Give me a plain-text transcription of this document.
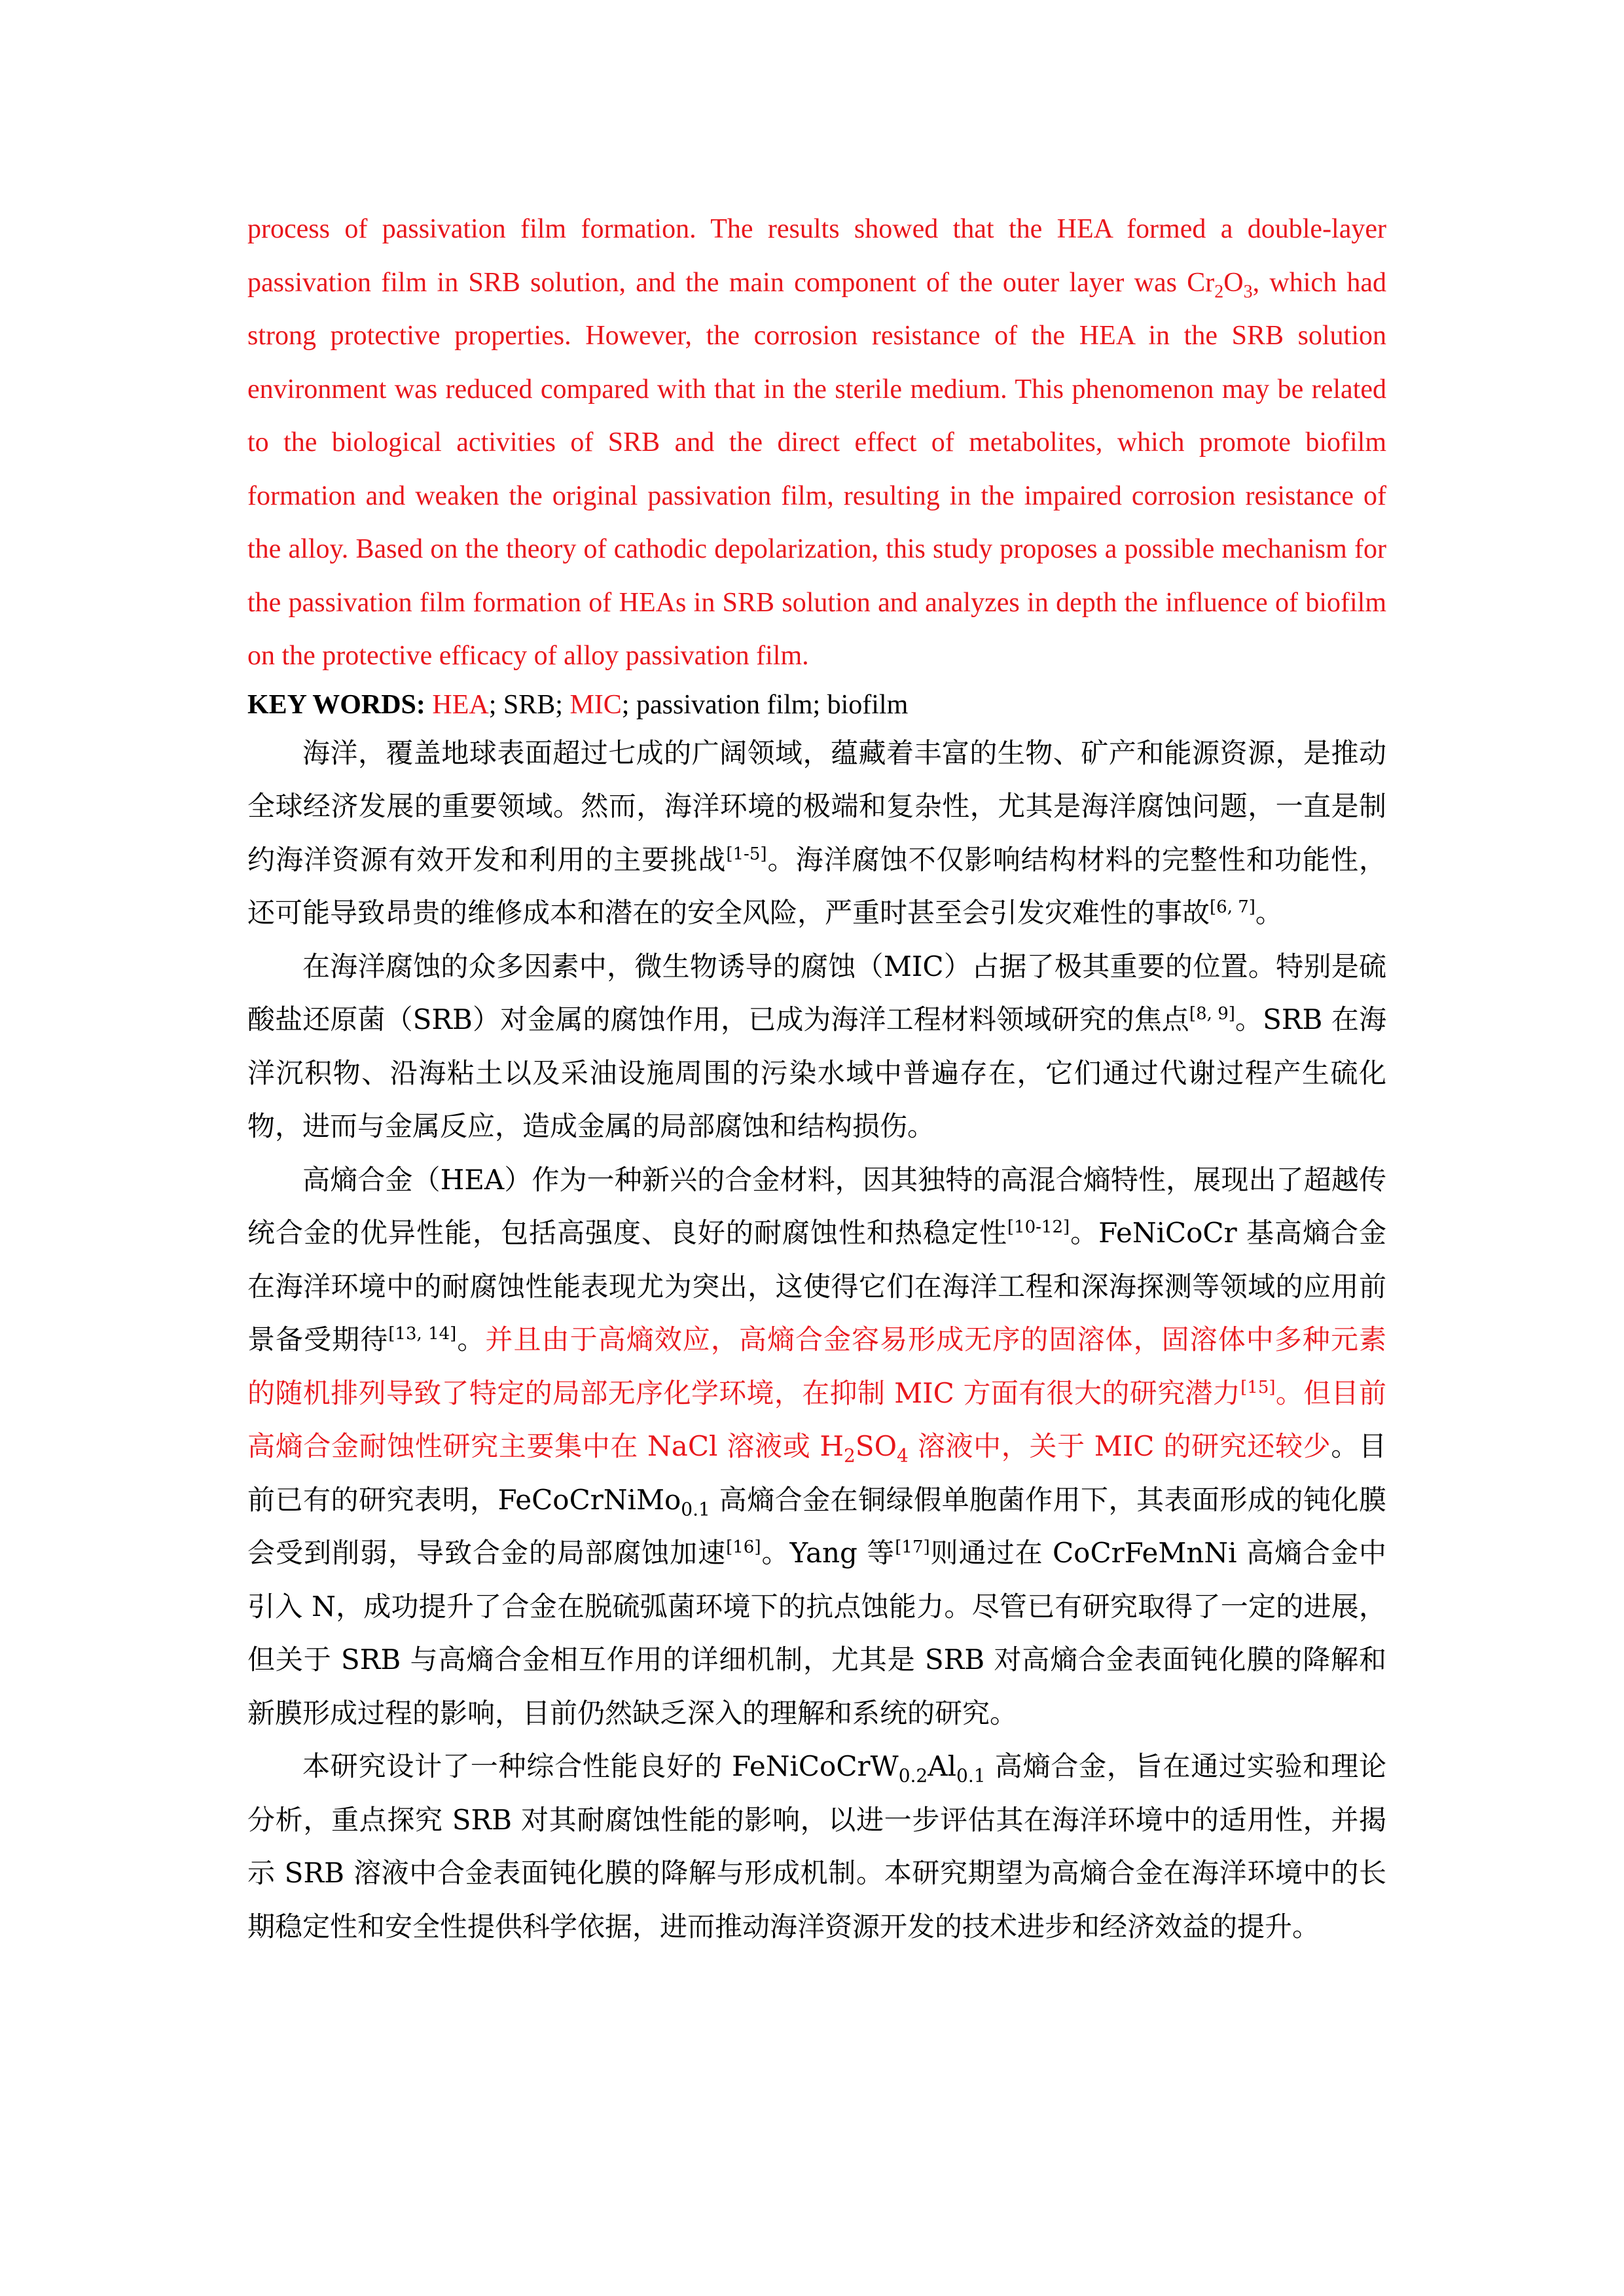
process of passivation film formation. The results showed that the HEA formed a double-layer passivation film in SRB solution, and the main component of the outer layer was $Cr_2O_3$, which had strong protective properties. However, the corrosion resistance of the HEA in the SRB solution environment was reduced compared with that in the sterile medium. This phenomenon may be related to the biological activities of SRB and the direct effect of metabolites, which promote biofilm formation and weaken the original passivation film, resulting in the impaired corrosion resistance of the alloy. Based on the theory of cathodic depolarization, this study proposes a possible mechanism for the passivation film formation of HEAs in SRB solution and analyzes in depth the influence of biofilm on the protective efficacy of alloy passivation film.

KEY WORDS: HEA; SRB; MIC; passivation film; biofilm

海洋，覆盖地球表面超过七成的广阔领域，蕴藏着丰富的生物、矿产和能源资源，是推动全球经济发展的重要领域。然而，海洋环境的极端和复杂性，尤其是海洋腐蚀问题，一直是制约海洋资源有效开发和利用的主要挑战[1-5]。海洋腐蚀不仅影响结构材料的完整性和功能性，还可能导致昂贵的维修成本和潜在的安全风险，严重时甚至会引发灾难性的事故[6, 7]。

在海洋腐蚀的众多因素中，微生物诱导的腐蚀（MIC）占据了极其重要的位置。特别是硫酸盐还原菌（SRB）对金属的腐蚀作用，已成为海洋工程材料领域研究的焦点[8, 9]。SRB 在海洋沉积物、沿海粘土以及采油设施周围的污染水域中普遍存在，它们通过代谢过程产生硫化物，进而与金属反应，造成金属的局部腐蚀和结构损伤。

高熵合金（HEA）作为一种新兴的合金材料，因其独特的高混合熵特性，展现出了超越传统合金的优异性能，包括高强度、良好的耐腐蚀性和热稳定性[10-12]。FeNiCoCr 基高熵合金在海洋环境中的耐腐蚀性能表现尤为突出，这使得它们在海洋工程和深海探测等领域的应用前景备受期待[13, 14]。并且由于高熵效应，高熵合金容易形成无序的固溶体，固溶体中多种元素的随机排列导致了特定的局部无序化学环境，在抑制 MIC 方面有很大的研究潜力[15]。但目前高熵合金耐蚀性研究主要集中在 NaCl 溶液或 $H_2SO_4$ 溶液中，关于 MIC 的研究还较少。目前已有的研究表明，FeCoCrNiMo$_{0.1}$ 高熵合金在铜绿假单胞菌作用下，其表面形成的钝化膜会受到削弱，导致合金的局部腐蚀加速[16]。Yang 等[17]则通过在 CoCrFeMnNi 高熵合金中引入 N，成功提升了合金在脱硫弧菌环境下的抗点蚀能力。尽管已有研究取得了一定的进展，但关于 SRB 与高熵合金相互作用的详细机制，尤其是 SRB 对高熵合金表面钝化膜的降解和新膜形成过程的影响，目前仍然缺乏深入的理解和系统的研究。

本研究设计了一种综合性能良好的 $FeNiCoCrW_{0.2}Al_{0.1}$ 高熵合金，旨在通过实验和理论分析，重点探究 SRB 对其耐腐蚀性能的影响，以进一步评估其在海洋环境中的适用性，并揭示 SRB 溶液中合金表面钝化膜的降解与形成机制。本研究期望为高熵合金在海洋环境中的长期稳定性和安全性提供科学依据，进而推动海洋资源开发的技术进步和经济效益的提升。
